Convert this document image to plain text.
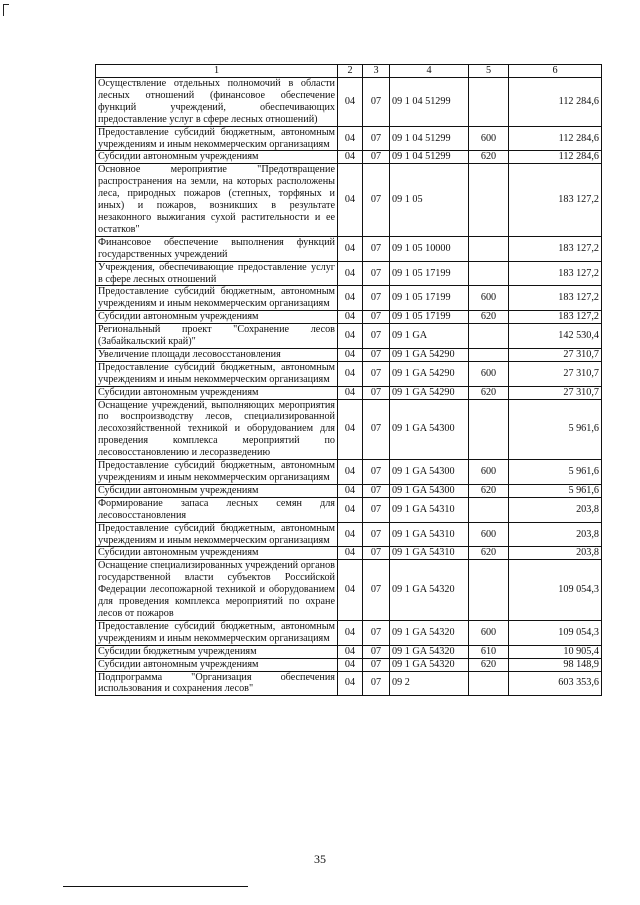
1	2	3	4	5	6
Осуществление отдельных полномочий в области лесных отношений (финансовое обеспечение функций учреждений, обеспечивающих предоставление услуг в сфере лесных отношений)	04	07	09 1 04 51299		112 284,6
Предоставление субсидий бюджетным, автономным учреждениям и иным некоммерческим организациям	04	07	09 1 04 51299	600	112 284,6
Субсидии автономным учреждениям	04	07	09 1 04 51299	620	112 284,6
Основное мероприятие "Предотвращение распространения на земли, на которых расположены леса, природных пожаров (степных, торфяных и иных) и пожаров, возникших в результате незаконного выжигания сухой растительности и ее остатков"	04	07	09 1 05		183 127,2
Финансовое обеспечение выполнения функций государственных учреждений	04	07	09 1 05 10000		183 127,2
Учреждения, обеспечивающие предоставление услуг в сфере лесных отношений	04	07	09 1 05 17199		183 127,2
Предоставление субсидий бюджетным, автономным учреждениям и иным некоммерческим организациям	04	07	09 1 05 17199	600	183 127,2
Субсидии автономным учреждениям	04	07	09 1 05 17199	620	183 127,2
Региональный проект "Сохранение лесов (Забайкальский край)"	04	07	09 1 GA		142 530,4
Увеличение площади лесовосстановления	04	07	09 1 GA 54290		27 310,7
Предоставление субсидий бюджетным, автономным учреждениям и иным некоммерческим организациям	04	07	09 1 GA 54290	600	27 310,7
Субсидии автономным учреждениям	04	07	09 1 GA 54290	620	27 310,7
Оснащение учреждений, выполняющих мероприятия по воспроизводству лесов, специализированной лесохозяйственной техникой и оборудованием для проведения комплекса мероприятий по лесовосстановлению и лесоразведению	04	07	09 1 GA 54300		5 961,6
Предоставление субсидий бюджетным, автономным учреждениям и иным некоммерческим организациям	04	07	09 1 GA 54300	600	5 961,6
Субсидии автономным учреждениям	04	07	09 1 GA 54300	620	5 961,6
Формирование запаса лесных семян для лесовосстановления	04	07	09 1 GA 54310		203,8
Предоставление субсидий бюджетным, автономным учреждениям и иным некоммерческим организациям	04	07	09 1 GA 54310	600	203,8
Субсидии автономным учреждениям	04	07	09 1 GA 54310	620	203,8
Оснащение специализированных учреждений органов государственной власти субъектов Российской Федерации лесопожарной техникой и оборудованием для проведения комплекса мероприятий по охране лесов от пожаров	04	07	09 1 GA 54320		109 054,3
Предоставление субсидий бюджетным, автономным учреждениям и иным некоммерческим организациям	04	07	09 1 GA 54320	600	109 054,3
Субсидии бюджетным учреждениям	04	07	09 1 GA 54320	610	10 905,4
Субсидии автономным учреждениям	04	07	09 1 GA 54320	620	98 148,9
Подпрограмма "Организация обеспечения использования и сохранения лесов"	04	07	09 2		603 353,6
35
